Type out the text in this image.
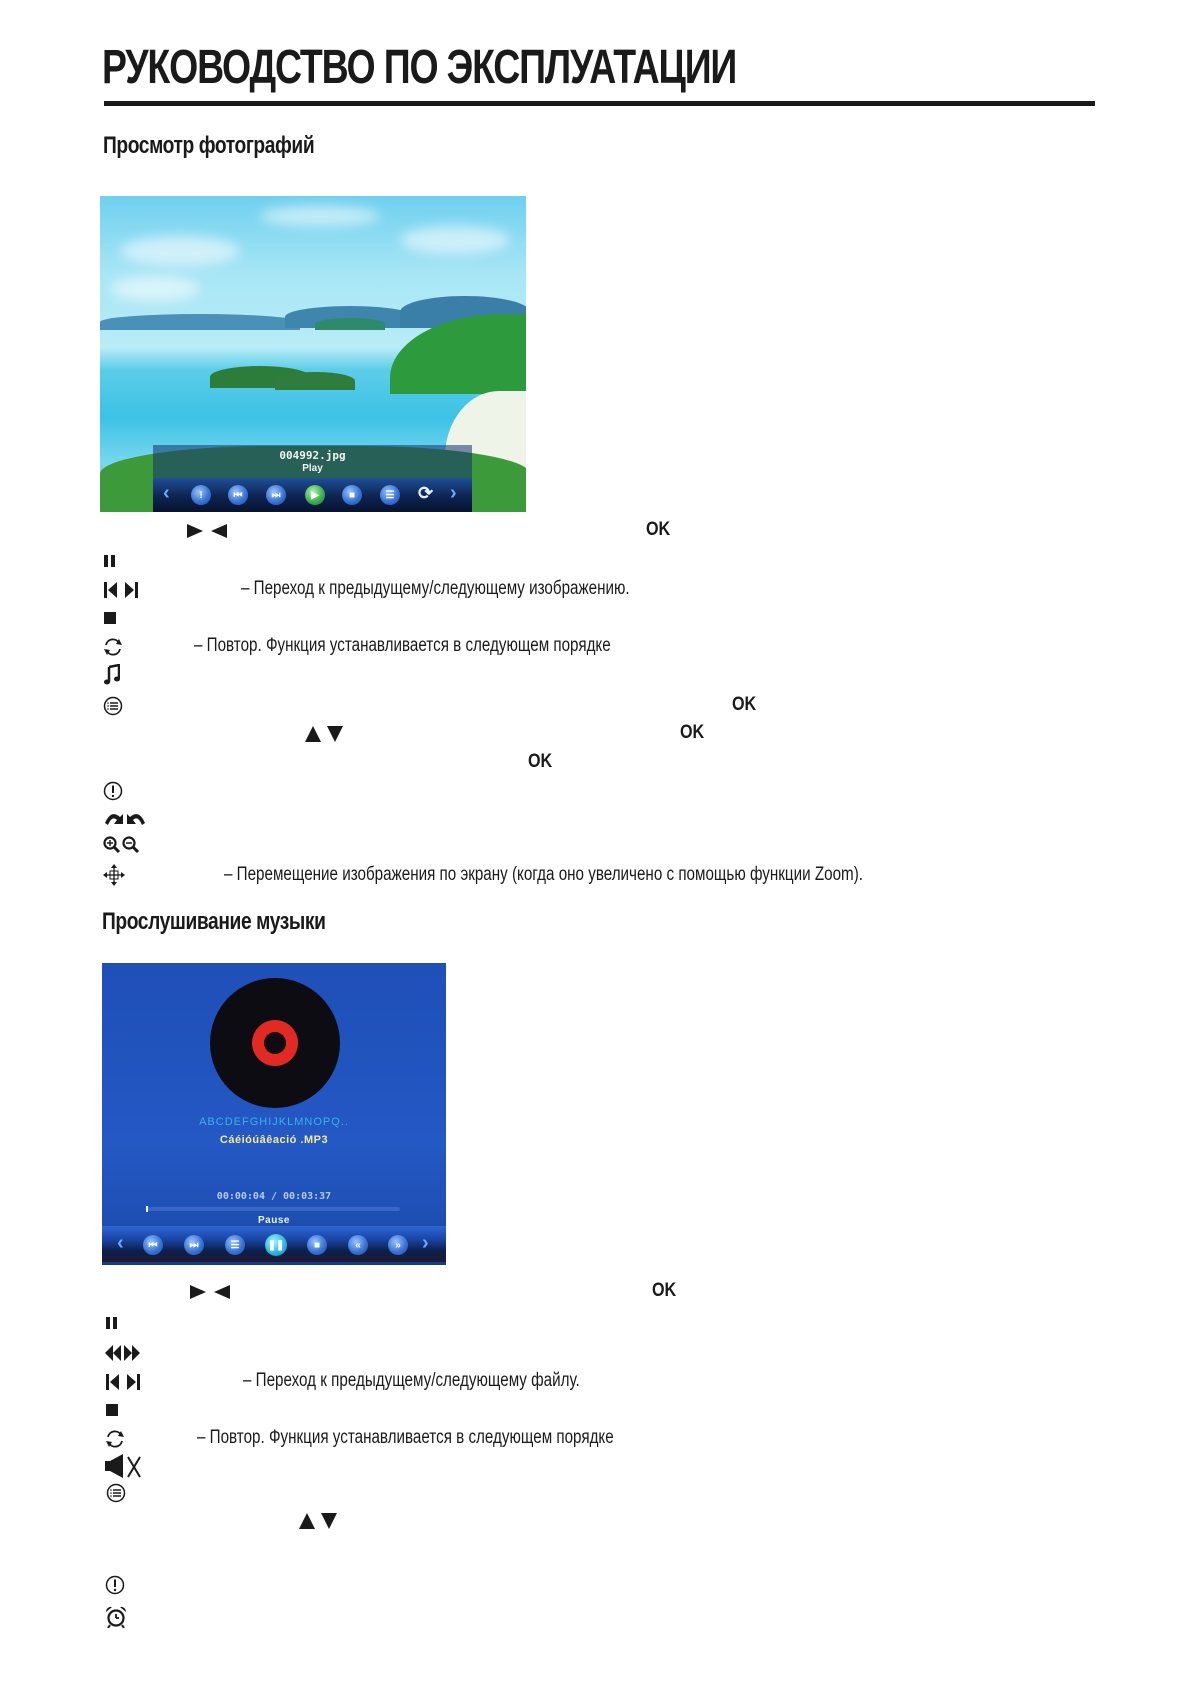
РУКОВОДСТВО ПО ЭКСПЛУАТАЦИИ
Просмотр фотографий
004992.jpg
Play
‹	!	⏮	⏭	▶	■	☰	⟳ ›
OK
– Переход к предыдущему/следующему изображению.
– Повтор. Функция устанавливается в следующем порядке
OK
OK
OK
– Перемещение изображения по экрану (когда оно увеличено с помощью функции Zoom).
Прослушивание музыки
ABCDEFGHIJKLMNOPQ..
Cáéióúâêació .MP3
00:00:04 / 00:03:37
Pause
‹	⏮	⏭	☰	❚❚	■	«	»	›
OK
– Переход к предыдущему/следующему файлу.
– Повтор. Функция устанавливается в следующем порядке
